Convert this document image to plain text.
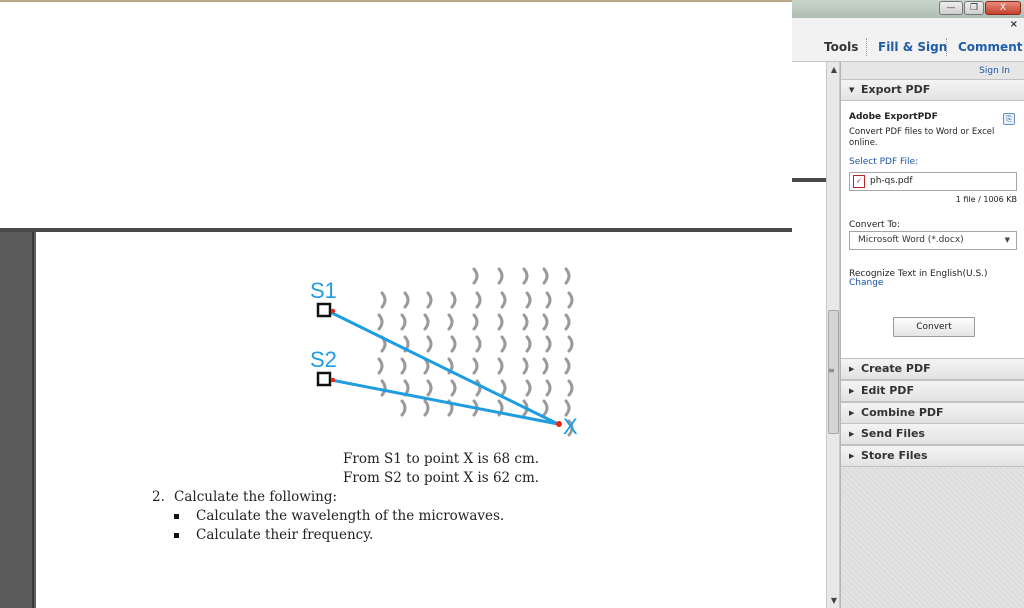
S1
S2
X
From S1 to point X is 68 cm.
From S2 to point X is 62 cm.
2. Calculate the following:
Calculate the wavelength of the microwaves.
Calculate their frequency.
▲
▼
≡
—	❐	X
×
Tools Fill & Sign Comment
Sign In
▼ Export PDF
Adobe ExportPDF	⎘
Convert PDF files to Word or Excel
online.
Select PDF File:
✓ ph-qs.pdf
1 file / 1006 KB
Convert To:
Microsoft Word (*.docx)	▼
Recognize Text in English(U.S.)
Change
Convert
▶ Create PDF
▶ Edit PDF
▶ Combine PDF
▶ Send Files
▶ Store Files
